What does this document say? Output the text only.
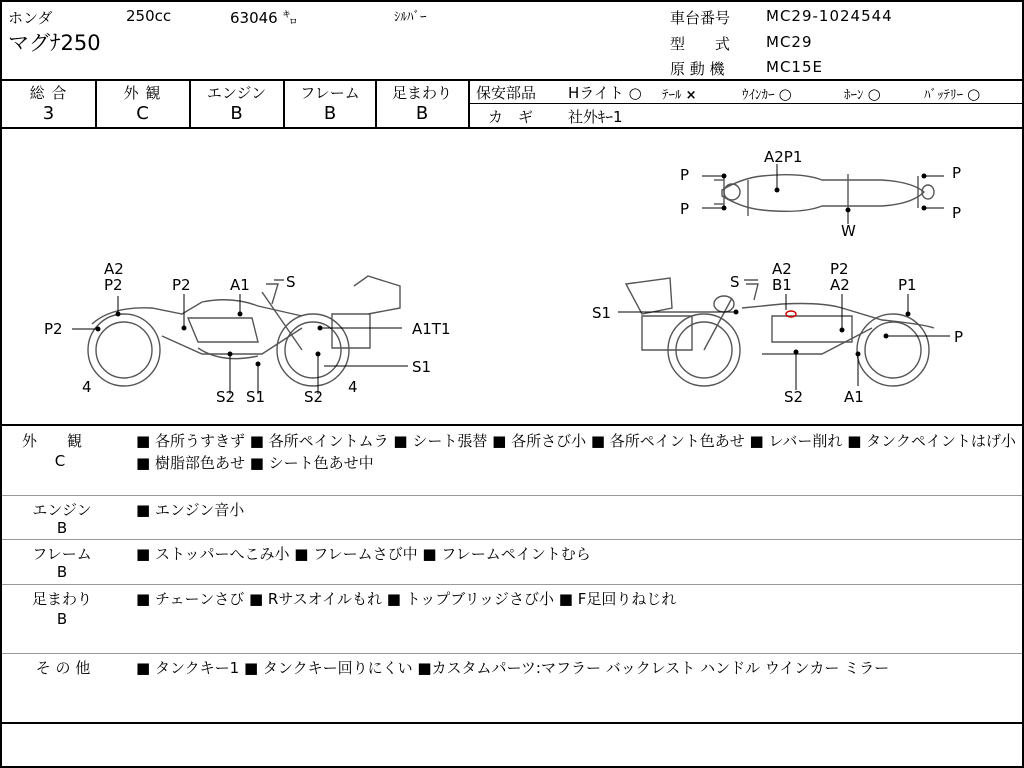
ホンダ	250cc	63046 ㌔	ｼﾙﾊﾞｰ
マグﾅ250
車台番号 MC29-1024544
型　　式 MC29
原 動 機	MC15E
総 合
3
外 観
C
エンジン
B
フレーム
B
足まわり
B
保安部品 Hライト ○ ﾃｰﾙ ×	ｳｲﾝｶｰ ○	ﾎｰﾝ ○	ﾊﾞｯﾃﾘｰ ○
カ　ギ 社外ｷｰ1
A2P1
P
P
P
P
W
A2
P2
P2
A1 S
P2
A1T1
S1
4
S2 S1	S2
4
S
A2
B1
P2
A2	P1
S1
P
S2	A1
外　　観
C
■ 各所うすきず ■ 各所ペイントムラ ■ シート張替 ■ 各所さび小 ■ 各所ペイント色あせ ■ レバー削れ ■ タンクペイントはげ小 ■ 樹脂部色あせ ■ シート色あせ中
エンジン
B
■ エンジン音小
フレーム
B
■ ストッパーへこみ小 ■ フレームさび中 ■ フレームペイントむら
足まわり
B
■ チェーンさび ■ Rサスオイルもれ ■ トップブリッジさび小 ■ F足回りねじれ
そ の 他	■ タンクキー1 ■ タンクキー回りにくい ■カスタムパーツ:マフラー バックレスト ハンドル ウインカー ミラー
